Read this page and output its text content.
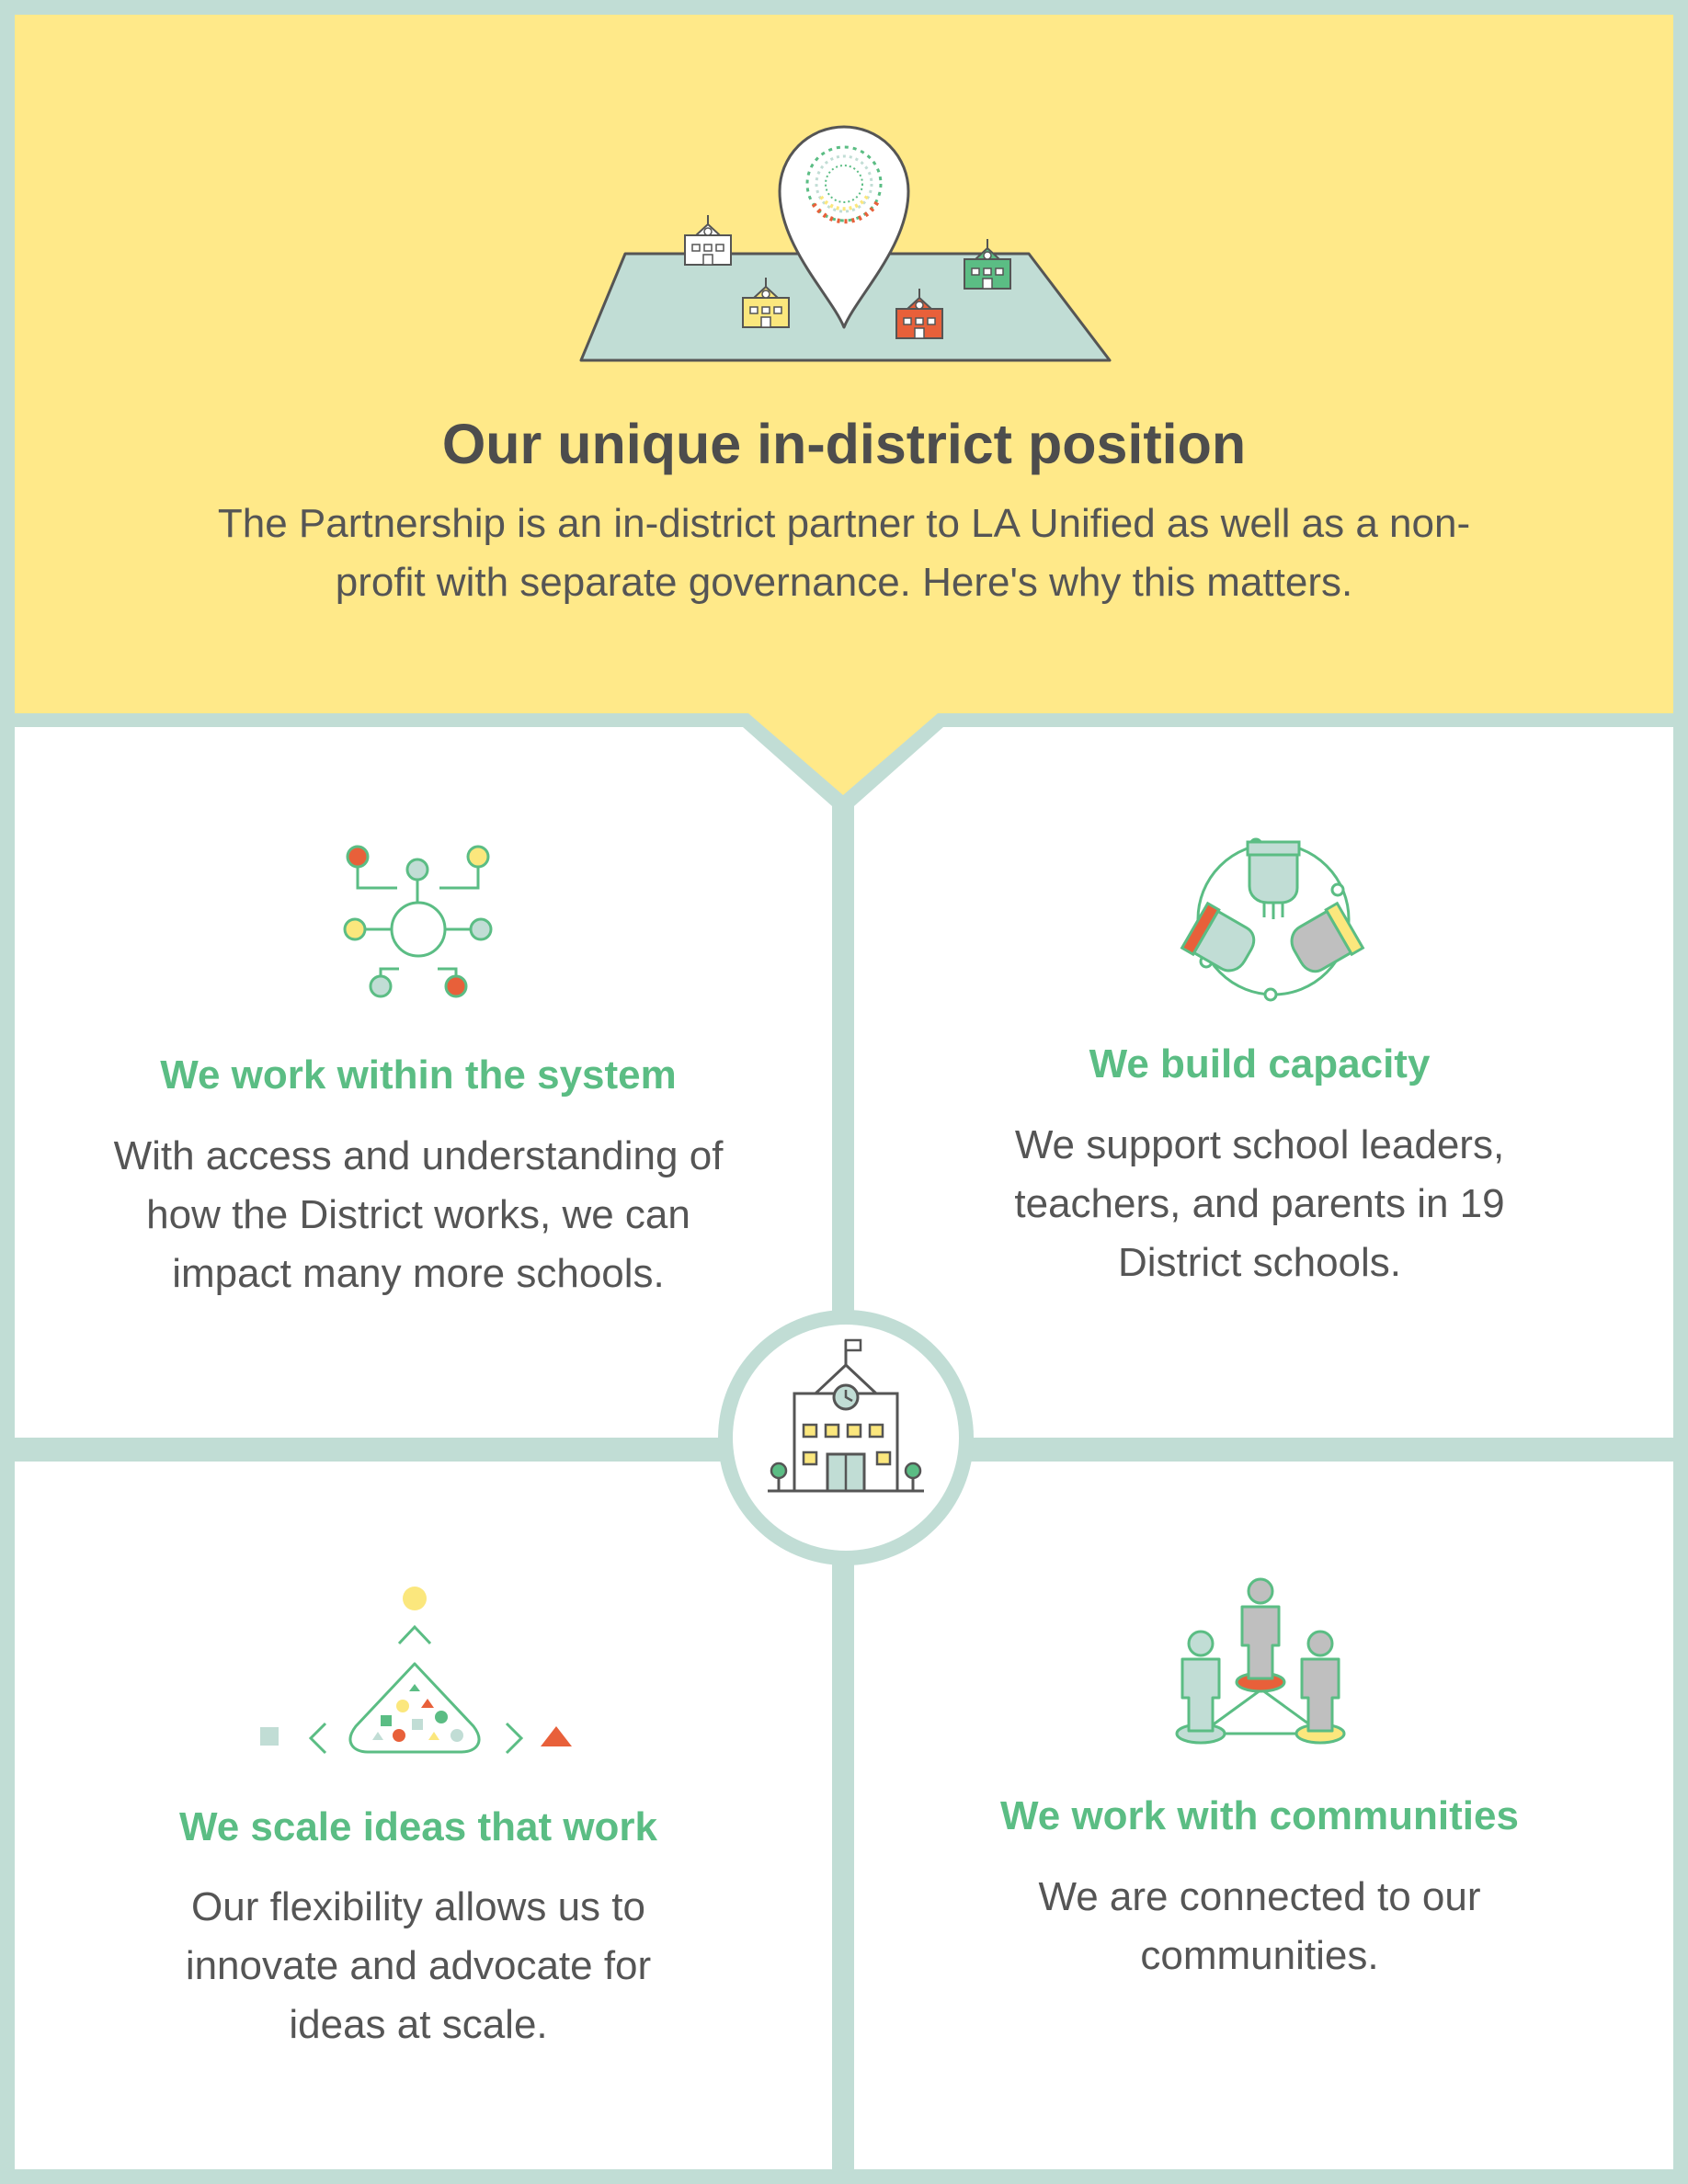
Our unique in-district position
The Partnership is an in-district partner to LA Unified as well as a non-profit with separate governance. Here's why this matters.
We work within the system
With access and understanding of how the District works, we can impact many more schools.
We build capacity
We support school leaders, teachers, and parents in 19 District schools.
We scale ideas that work
Our flexibility allows us to innovate and advocate for ideas at scale.
We work with communities
We are connected to our communities.
